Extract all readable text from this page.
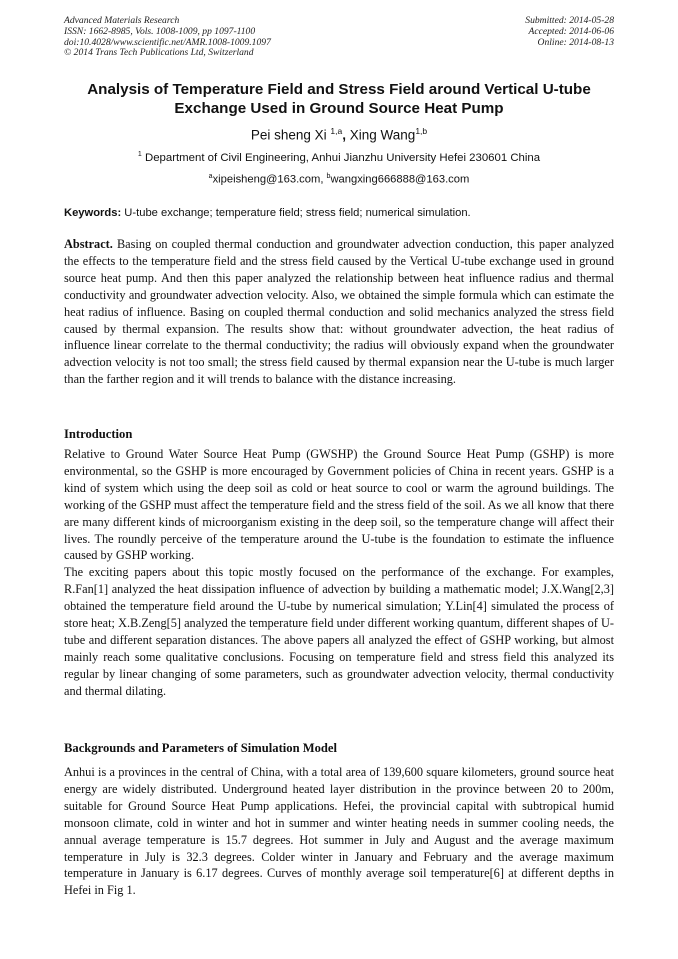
Advanced Materials Research
ISSN: 1662-8985, Vols. 1008-1009, pp 1097-1100
doi:10.4028/www.scientific.net/AMR.1008-1009.1097
© 2014 Trans Tech Publications Ltd, Switzerland
Submitted: 2014-05-28
Accepted: 2014-06-06
Online: 2014-08-13
Analysis of Temperature Field and Stress Field around Vertical U-tube Exchange Used in Ground Source Heat Pump
Pei sheng Xi $^{1,a}$, Xing Wang$^{1,b}$
$^1$ Department of Civil Engineering, Anhui Jianzhu University Hefei 230601 China
$^a$xipeisheng@163.com, $^b$wangxing666888@163.com
Keywords: U-tube exchange; temperature field; stress field; numerical simulation.

Abstract. Basing on coupled thermal conduction and groundwater advection conduction, this paper analyzed the effects to the temperature field and the stress field caused by the Vertical U-tube exchange used in ground source heat pump. And then this paper analyzed the relationship between heat influence radius and thermal conductivity and groundwater advection velocity. Also, we obtained the simple formula which can estimate the heat radius of influence. Basing on coupled thermal conduction and solid mechanics analyzed the stress field caused by thermal expansion. The results show that: without groundwater advection, the heat radius of influence linear correlate to the thermal conductivity; the radius will obviously expand when the groundwater advection velocity is not too small; the stress field caused by thermal expansion near the U-tube is much larger than the farther region and it will trends to balance with the distance increasing.

Introduction

Relative to Ground Water Source Heat Pump (GWSHP) the Ground Source Heat Pump (GSHP) is more environmental, so the GSHP is more encouraged by Government policies of China in recent years. GSHP is a kind of system which using the deep soil as cold or heat source to cool or warm the aground buildings. The working of the GSHP must affect the temperature field and the stress field of the soil. As we all know that there are many different kinds of microorganism existing in the deep soil, so the temperature change will affect their lives. The roundly perceive of the temperature around the U-tube is the foundation to estimate the influence caused by GSHP working.

The exciting papers about this topic mostly focused on the performance of the exchange. For examples, R.Fan[1] analyzed the heat dissipation influence of advection by building a mathematic model; J.X.Wang[2,3] obtained the temperature field around the U-tube by numerical simulation; Y.Lin[4] simulated the process of store heat; X.B.Zeng[5] analyzed the temperature field under different working quantum, different shapes of U-tube and different separation distances. The above papers all analyzed the effect of GSHP working, but almost mainly reach some qualitative conclusions. Focusing on temperature field and stress field this analyzed its regular by linear changing of some parameters, such as groundwater advection velocity, thermal conductivity and thermal dilating.

Backgrounds and Parameters of Simulation Model

Anhui is a provinces in the central of China, with a total area of 139,600 square kilometers, ground source heat energy are widely distributed. Underground heated layer distribution in the province between 20 to 200m, suitable for Ground Source Heat Pump applications. Hefei, the provincial capital with subtropical humid monsoon climate, cold in winter and hot in summer and winter heating needs in summer cooling needs, the annual average temperature is 15.7 degrees. Hot summer in July and August and the average maximum temperature in July is 32.3 degrees. Colder winter in January and February and the average maximum temperature in January is 6.17 degrees. Curves of monthly average soil temperature[6] at different depths in Hefei in Fig 1.
